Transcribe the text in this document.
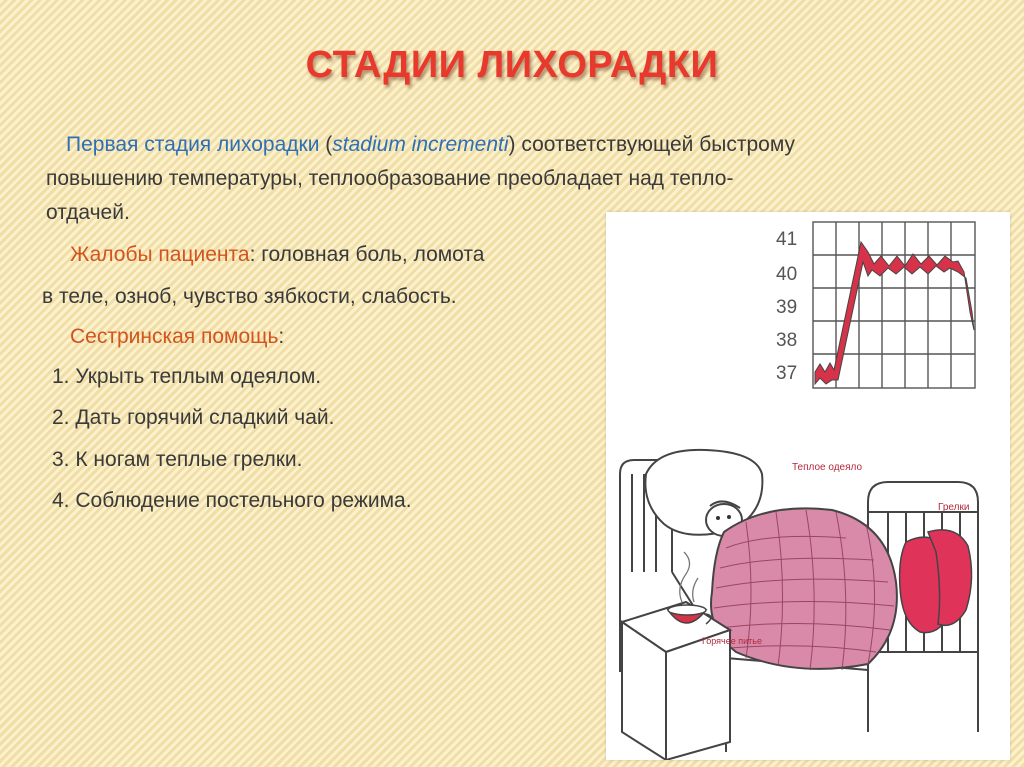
СТАДИИ ЛИХОРАДКИ
Первая стадия лихорадки (stadium incrementi) соответствующей быстрому
повышению температуры, теплообразование преобладает над тепло-
отдачей.
Жалобы пациента: головная боль, ломота
в теле, озноб, чувство зябкости, слабость.
Сестринская помощь:
1. Укрыть теплым одеялом.
2. Дать горячий сладкий чай.
3. К ногам теплые грелки.
4. Соблюдение постельного режима.
41
40
39
38
37
Теплое одеяло
Грелки
Горячее питье
